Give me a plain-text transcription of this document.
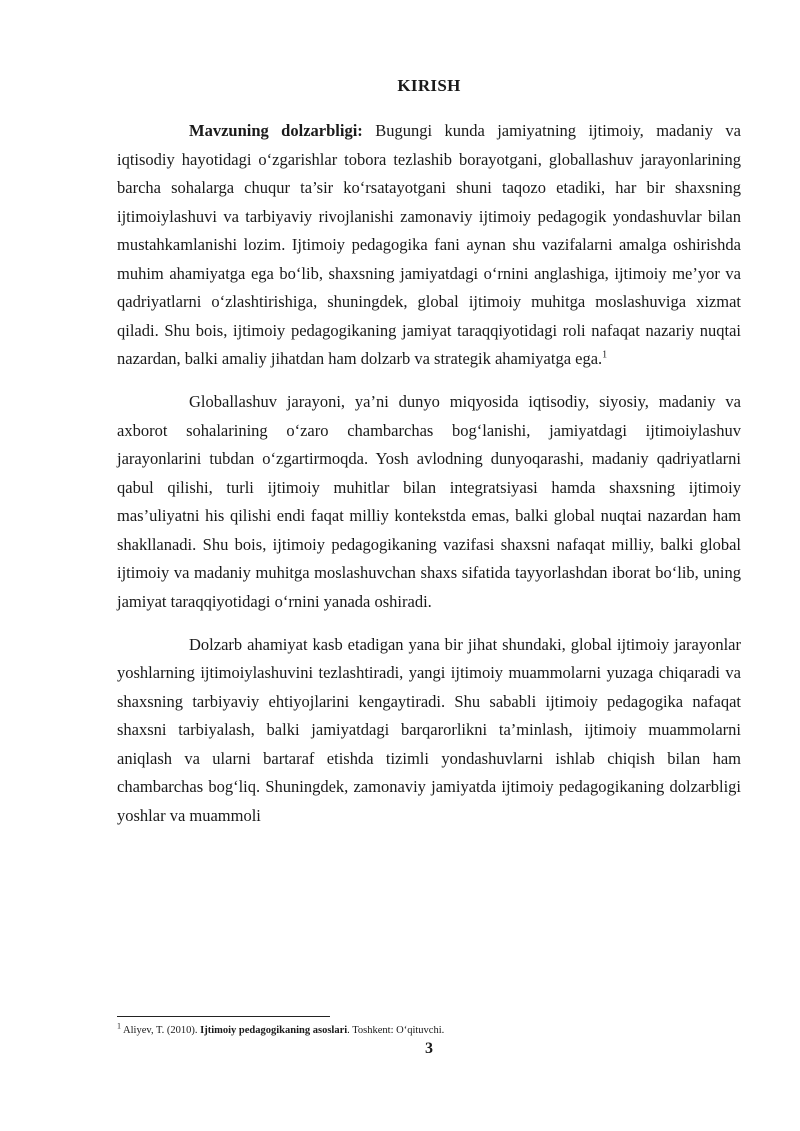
KIRISH

Mavzuning dolzarbligi: Bugungi kunda jamiyatning ijtimoiy, madaniy va iqtisodiy hayotidagi o‘zgarishlar tobora tezlashib borayotgani, globallashuv jarayonlarining barcha sohalarga chuqur ta’sir ko‘rsatayotgani shuni taqozo etadiki, har bir shaxsning ijtimoiylashuvi va tarbiyaviy rivojlanishi zamonaviy ijtimoiy pedagogik yondashuvlar bilan mustahkamlanishi lozim. Ijtimoiy pedagogika fani aynan shu vazifalarni amalga oshirishda muhim ahamiyatga ega bo‘lib, shaxsning jamiyatdagi o‘rnini anglashiga, ijtimoiy me’yor va qadriyatlarni o‘zlashtirishiga, shuningdek, global ijtimoiy muhitga moslashuviga xizmat qiladi. Shu bois, ijtimoiy pedagogikaning jamiyat taraqqiyotidagi roli nafaqat nazariy nuqtai nazardan, balki amaliy jihatdan ham dolzarb va strategik ahamiyatga ega.$^1$

Globallashuv jarayoni, ya’ni dunyo miqyosida iqtisodiy, siyosiy, madaniy va axborot sohalarining o‘zaro chambarchas bog‘lanishi, jamiyatdagi ijtimoiylashuv jarayonlarini tubdan o‘zgartirmoqda. Yosh avlodning dunyoqarashi, madaniy qadriyatlarni qabul qilishi, turli ijtimoiy muhitlar bilan integratsiyasi hamda shaxsning ijtimoiy mas’uliyatni his qilishi endi faqat milliy kontekstda emas, balki global nuqtai nazardan ham shakllanadi. Shu bois, ijtimoiy pedagogikaning vazifasi shaxsni nafaqat milliy, balki global ijtimoiy va madaniy muhitga moslashuvchan shaxs sifatida tayyorlashdan iborat bo‘lib, uning jamiyat taraqqiyotidagi o‘rnini yanada oshiradi.

Dolzarb ahamiyat kasb etadigan yana bir jihat shundaki, global ijtimoiy jarayonlar yoshlarning ijtimoiylashuvini tezlashtiradi, yangi ijtimoiy muammolarni yuzaga chiqaradi va shaxsning tarbiyaviy ehtiyojlarini kengaytiradi. Shu sababli ijtimoiy pedagogika nafaqat shaxsni tarbiyalash, balki jamiyatdagi barqarorlikni ta’minlash, ijtimoiy muammolarni aniqlash va ularni bartaraf etishda tizimli yondashuvlarni ishlab chiqish bilan ham chambarchas bog‘liq. Shuningdek, zamonaviy jamiyatda ijtimoiy pedagogikaning dolzarbligi yoshlar va muammoli

$^1$ Aliyev, T. (2010). Ijtimoiy pedagogikaning asoslari. Toshkent: O‘qituvchi.
3
